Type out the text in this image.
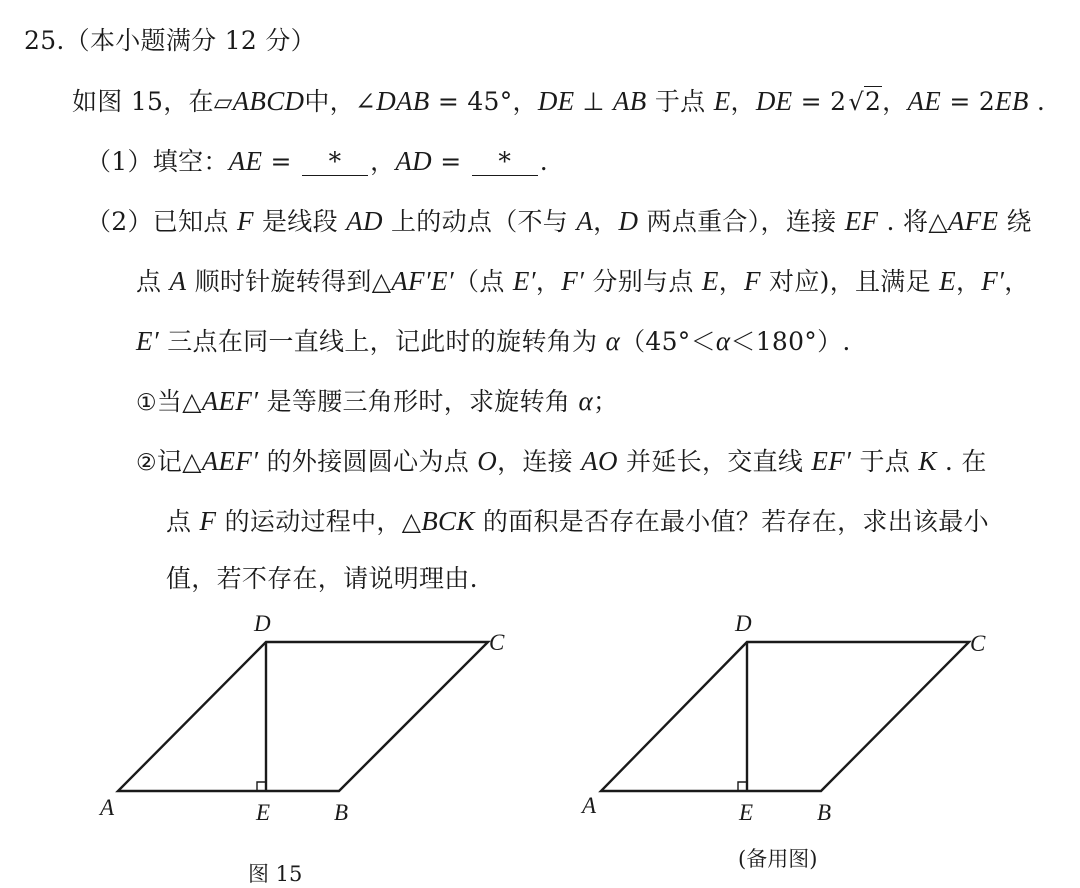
25.（本小题满分 12 分）
如图 15，在▱ABCD中，∠DAB = 45°，DE ⊥ AB 于点 E，DE = 2√2，AE = 2EB .
（1）填空：AE = * ，AD = * .
（2）已知点 F 是线段 AD 上的动点（不与 A，D 两点重合），连接 EF . 将△AFE 绕
点 A 顺时针旋转得到△AF′E′（点 E′，F′ 分别与点 E，F 对应)，且满足 E，F′，
E′ 三点在同一直线上，记此时的旋转角为 α（45°＜α＜180°）.
①当△AEF′ 是等腰三角形时，求旋转角 α；
②记△AEF′ 的外接圆圆心为点 O，连接 AO 并延长，交直线 EF′ 于点 K . 在
点 F 的运动过程中，△BCK 的面积是否存在最小值？若存在，求出该最小
值，若不存在，请说明理由.
A	B
C
D
E	A	B
C
D
E
图 15
(备用图)
